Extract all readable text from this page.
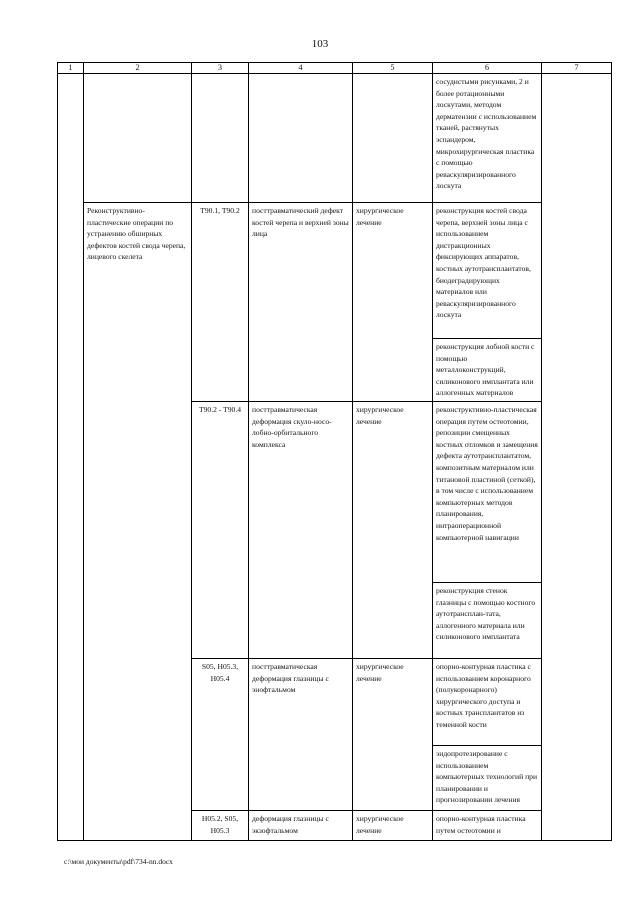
103
1	2	3	4	5	6	7
					сосудистыми рисунками, 2 и более ротационными лоскутами, методом дерматензии с использованием тканей, растянутых эспандером, микрохирургическая пластика с помощью реваскуляризированного лоскута	
	Реконструктивно-пластические операции по устранению обширных дефектов костей свода черепа, лицевого скелета	T90.1, T90.2	посттравматический дефект костей черепа и верхней зоны лица	хирургическое лечение	реконструкция костей свода черепа, верхней зоны лица с использованием дистракционных фиксирующих аппаратов, костных аутотрансплантатов, биодеградирующих материалов или реваскуляризированного лоскута	
					реконструкция лобной кости с помощью металлоконструкций, силиконового имплантата или аллогенных материалов	
		T90.2 - T90.4	посттравматическая деформация скуло-носо-лобно-орбитального комплекса	хирургическое лечение	реконструктивно-пластическая операция путем остеотомии, репозиции смещенных костных отломков и замещения дефекта аутотрансплантатом, композитным материалом или титановой пластиной (сеткой), в том числе с использованием компьютерных методов планирования, интраоперационной компьютерной навигации	
					реконструкция стенок глазницы с помощью костного аутотрансплан-тата, аллогенного материала или силиконового имплантата	
		S05, H05.3, H05.4	посттравматическая деформация глазницы с энофтальмом	хирургическое лечение	опорно-контурная пластика с использованием коронарного (полукоронарного) хирургического доступа и костных трансплантатов из теменной кости	
					эндопротезирование с использованием компьютерных технологий при планировании и прогнозировании лечения	
		H05.2, S05, H05.3	деформация глазницы с экзофтальмом	хирургическое лечение	опорно-контурная пластика путем остеотомии и	
c:\мои документы\pdf\734-nn.docx
